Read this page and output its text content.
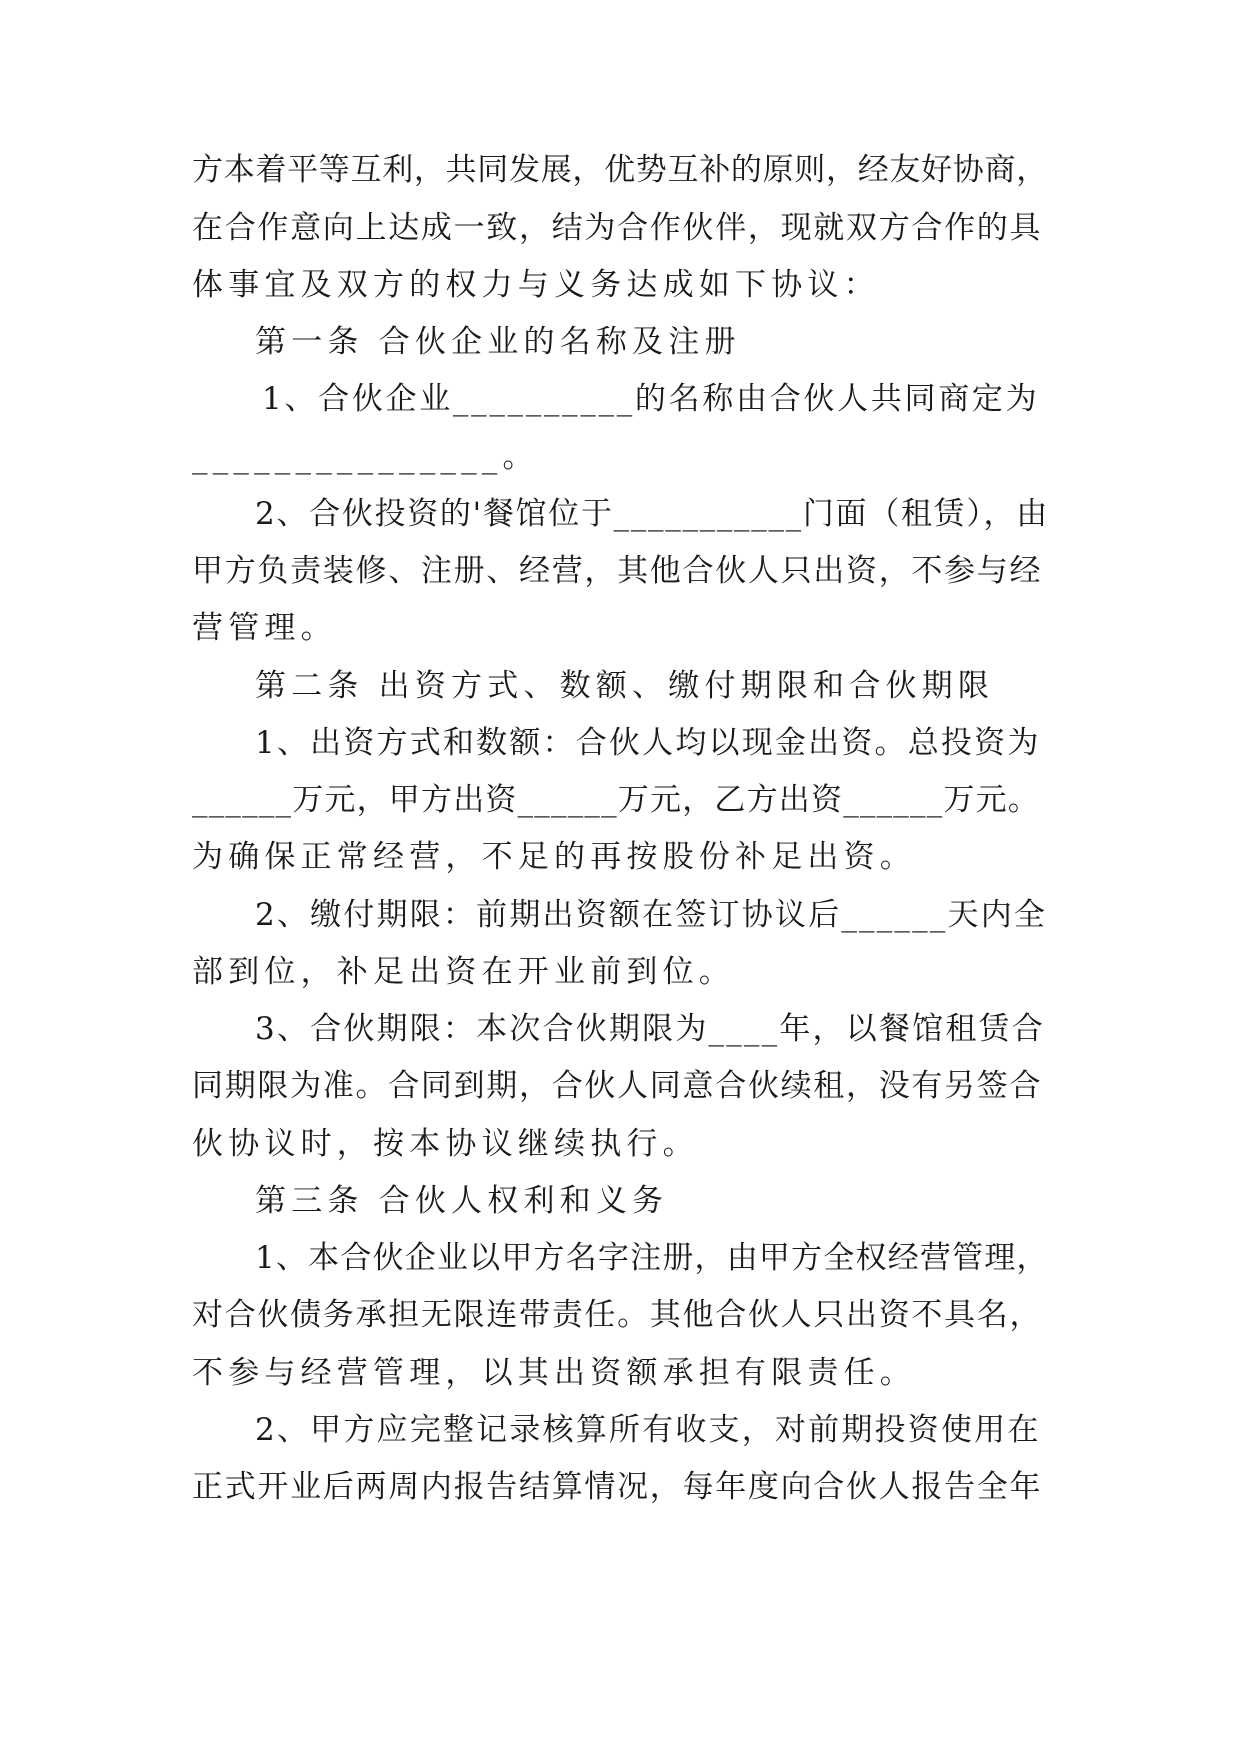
方本着平等互利，共同发展，优势互补的原则，经友好协商，
在合作意向上达成一致，结为合作伙伴，现就双方合作的具
体事宜及双方的权力与义务达成如下协议：
第一条 合伙企业的名称及注册
1、合伙企业__________的名称由合伙人共同商定为
_______________。
2、合伙投资的'餐馆位于___________门面（租赁），由
甲方负责装修、注册、经营，其他合伙人只出资，不参与经
营管理。
第二条 出资方式、数额、缴付期限和合伙期限
1、出资方式和数额：合伙人均以现金出资。总投资为
______万元，甲方出资______万元，乙方出资______万元。
为确保正常经营，不足的再按股份补足出资。
2、缴付期限：前期出资额在签订协议后______天内全
部到位，补足出资在开业前到位。
3、合伙期限：本次合伙期限为____年，以餐馆租赁合
同期限为准。合同到期，合伙人同意合伙续租，没有另签合
伙协议时，按本协议继续执行。
第三条 合伙人权利和义务
1、本合伙企业以甲方名字注册，由甲方全权经营管理，
对合伙债务承担无限连带责任。其他合伙人只出资不具名，
不参与经营管理，以其出资额承担有限责任。
2、甲方应完整记录核算所有收支，对前期投资使用在
正式开业后两周内报告结算情况，每年度向合伙人报告全年
